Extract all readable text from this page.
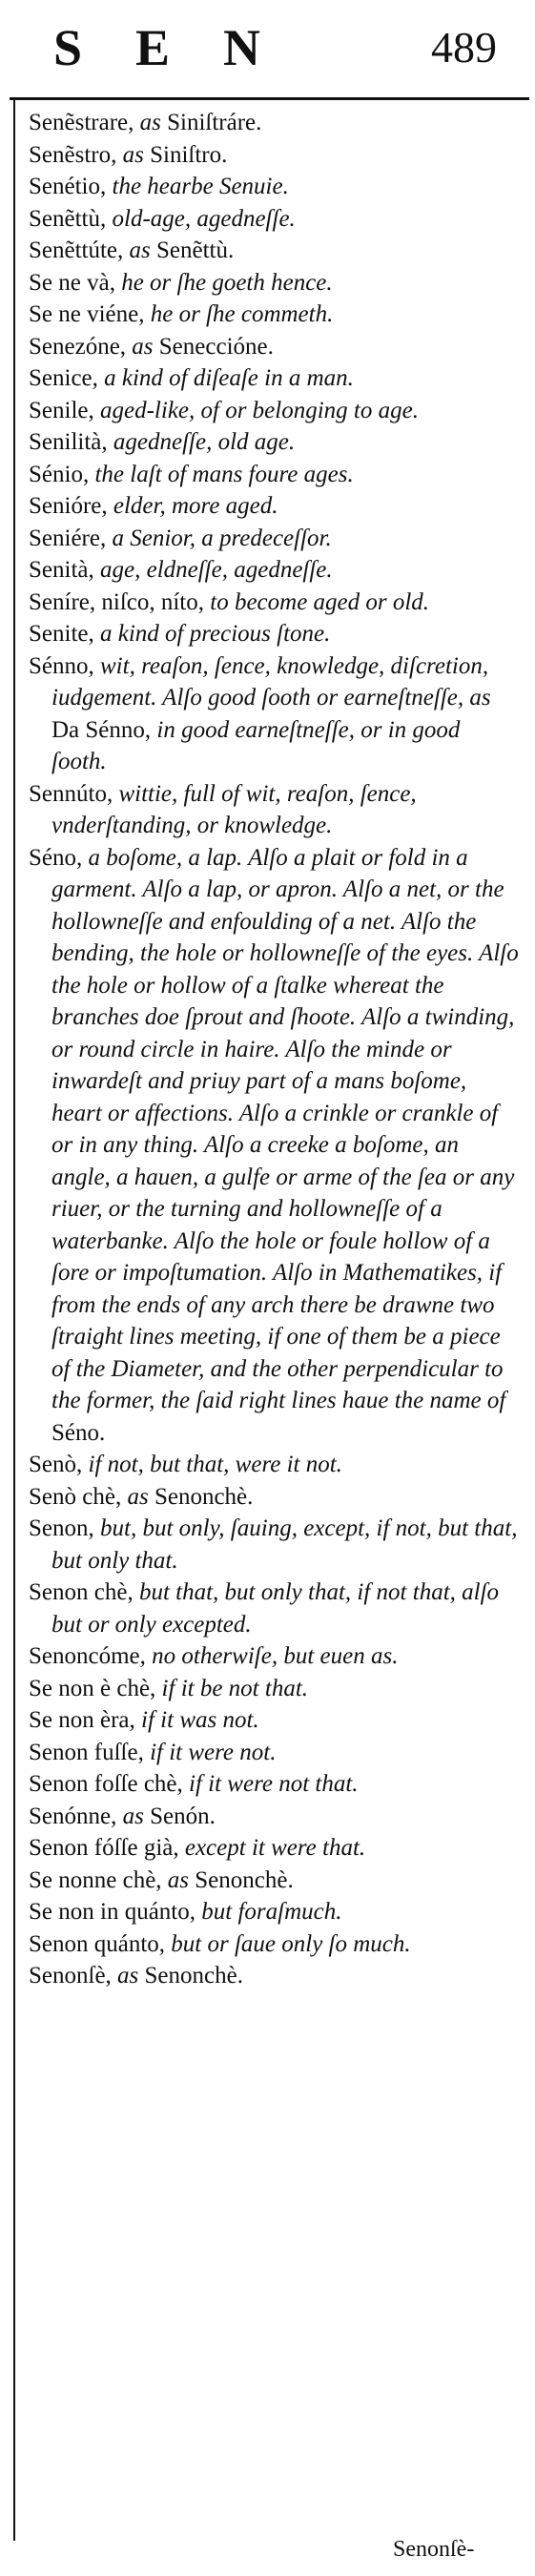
SEN	489

Senẽstrare, as Siniſtráre.

Senẽstro, as Siniſtro.

Senétio, the hearbe Senuie.

Senẽttù, old-age, agedneſſe.

Senẽttúte, as Senẽttù.

Se ne và, he or ſhe goeth hence.

Se ne viéne, he or ſhe commeth.

Senezóne, as Seneccióne.

Senice, a kind of diſeaſe in a man.

Senile, aged-like, of or belonging to age.

Senilità, agedneſſe, old age.

Sénio, the laſt of mans foure ages.

Senióre, elder, more aged.

Seniére, a Senior, a predeceſſor.

Senità, age, eldneſſe, agedneſſe.

Seníre, niſco, níto, to become aged or old.

Senite, a kind of precious ſtone.

Sénno, wit, reaſon, ſence, knowledge, diſcretion, iudgement. Alſo good ſooth or earneſtneſſe, as Da Sénno, in good earneſtneſſe, or in good ſooth.

Sennúto, wittie, full of wit, reaſon, ſence, vnderſtanding, or knowledge.

Séno, a boſome, a lap. Alſo a plait or fold in a garment. Alſo a lap, or apron. Alſo a net, or the hollowneſſe and enfoulding of a net. Alſo the bending, the hole or hollowneſſe of the eyes. Alſo the hole or hollow of a ſtalke whereat the branches doe ſprout and ſhoote. Alſo a twinding, or round circle in haire. Alſo the minde or inwardeſt and priuy part of a mans boſome, heart or affections. Alſo a crinkle or crankle of or in any thing. Alſo a creeke a boſome, an angle, a hauen, a gulfe or arme of the ſea or any riuer, or the turning and hollowneſſe of a waterbanke. Alſo the hole or foule hollow of a ſore or impoſtumation. Alſo in Mathematikes, if from the ends of any arch there be drawne two ſtraight lines meeting, if one of them be a piece of the Diameter, and the other perpendicular to the former, the ſaid right lines haue the name of Séno.

Senò, if not, but that, were it not.

Senò chè, as Senonchè.

Senon, but, but only, ſauing, except, if not, but that, but only that.

Senon chè, but that, but only that, if not that, alſo but or only excepted.

Senoncóme, no otherwiſe, but euen as.

Se non è chè, if it be not that.

Se non èra, if it was not.

Senon fuſſe, if it were not.

Senon foſſe chè, if it were not that.

Senónne, as Senón.

Senon fóſſe già, except it were that.

Se nonne chè, as Senonchè.

Se non in quánto, but foraſmuch.

Senon quánto, but or ſaue only ſo much.

Senonſè, as Senonchè.

Senonſè-
